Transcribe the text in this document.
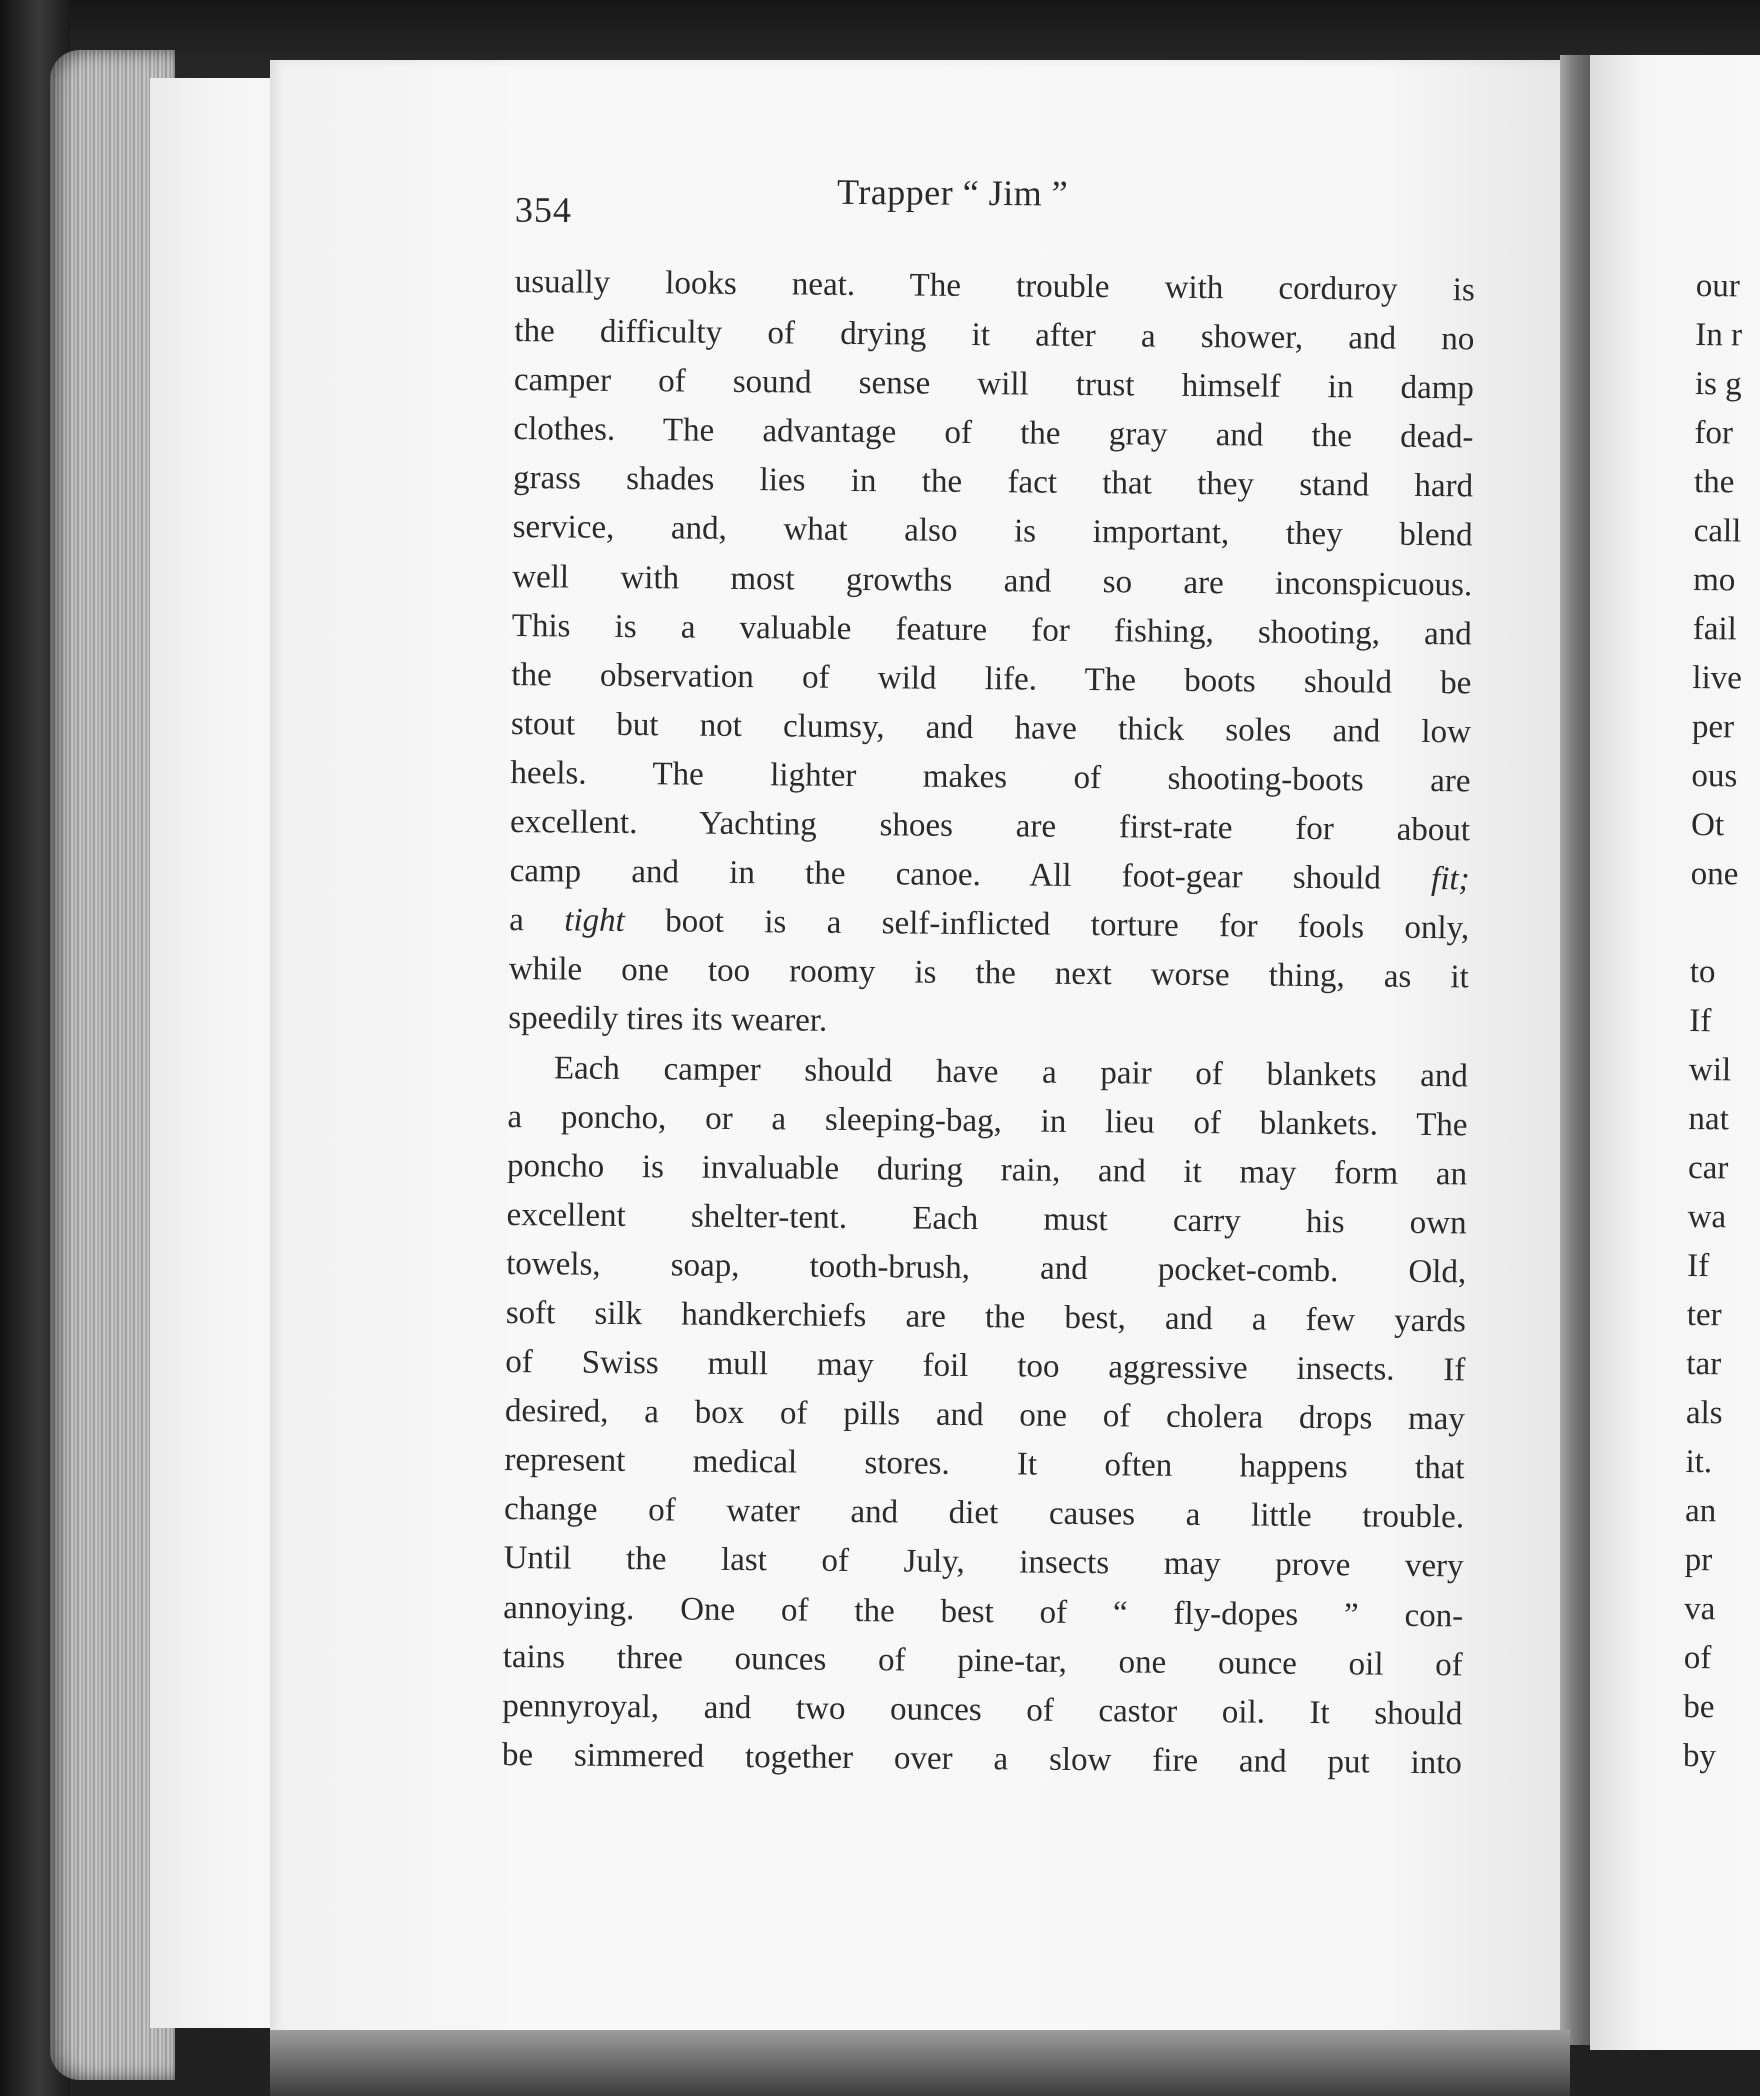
354	Trapper “ Jim ”
usually looks neat. The trouble with corduroy is
the difficulty of drying it after a shower, and no
camper of sound sense will trust himself in damp
clothes. The advantage of the gray and the dead-
grass shades lies in the fact that they stand hard
service, and, what also is important, they blend
well with most growths and so are inconspicuous.
This is a valuable feature for fishing, shooting, and
the observation of wild life. The boots should be
stout but not clumsy, and have thick soles and low
heels. The lighter makes of shooting-boots are
excellent. Yachting shoes are first-rate for about
camp and in the canoe. All foot-gear should fit;
a tight boot is a self-inflicted torture for fools only,
while one too roomy is the next worse thing, as it
speedily tires its wearer.
Each camper should have a pair of blankets and
a poncho, or a sleeping-bag, in lieu of blankets. The
poncho is invaluable during rain, and it may form an
excellent shelter-tent. Each must carry his own
towels, soap, tooth-brush, and pocket-comb. Old,
soft silk handkerchiefs are the best, and a few yards
of Swiss mull may foil too aggressive insects. If
desired, a box of pills and one of cholera drops may
represent medical stores. It often happens that
change of water and diet causes a little trouble.
Until the last of July, insects may prove very
annoying. One of the best of “ fly-dopes ” con-
tains three ounces of pine-tar, one ounce oil of
pennyroyal, and two ounces of castor oil. It should
be simmered together over a slow fire and put into
our
In r
is g
for
the
call
mo
fail
live
per
ous
Ot
one
to
If
wil
nat
car
wa
If
ter
tar
als
it.
an
pr
va
of
be
by
